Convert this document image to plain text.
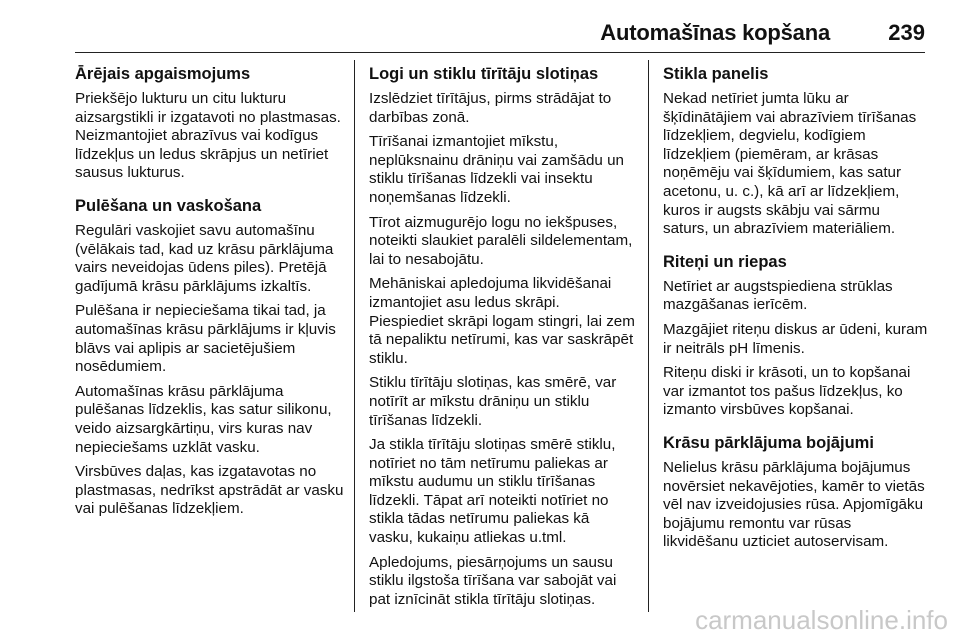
Automašīnas kopšana	239
Ārējais apgaismojums

Priekšējo lukturu un citu lukturu aizsargstikli ir izgatavoti no plastmasas. Neizmantojiet abrazīvus vai kodīgus līdzekļus un ledus skrāpjus un netīriet sausus lukturus.

Pulēšana un vaskošana

Regulāri vaskojiet savu automašīnu (vēlākais tad, kad uz krāsu pārklājuma vairs neveidojas ūdens piles). Pretējā gadījumā krāsu pārklājums izkaltīs.

Pulēšana ir nepieciešama tikai tad, ja automašīnas krāsu pārklājums ir kļuvis blāvs vai aplipis ar sacietējušiem nosēdumiem.

Automašīnas krāsu pārklājuma pulēšanas līdzeklis, kas satur silikonu, veido aizsargkārtiņu, virs kuras nav nepieciešams uzklāt vasku.

Virsbūves daļas, kas izgatavotas no plastmasas, nedrīkst apstrādāt ar vasku vai pulēšanas līdzekļiem.

Logi un stiklu tīrītāju slotiņas

Izslēdziet tīrītājus, pirms strādājat to darbības zonā.

Tīrīšanai izmantojiet mīkstu, neplūksnainu drāniņu vai zamšādu un stiklu tīrīšanas līdzekli vai insektu noņemšanas līdzekli.

Tīrot aizmugurējo logu no iekšpuses, noteikti slaukiet paralēli sildelementam, lai to nesabojātu.

Mehāniskai apledojuma likvidēšanai izmantojiet asu ledus skrāpi. Piespiediet skrāpi logam stingri, lai zem tā nepaliktu netīrumi, kas var saskrāpēt stiklu.

Stiklu tīrītāju slotiņas, kas smērē, var notīrīt ar mīkstu drāniņu un stiklu tīrīšanas līdzekli.

Ja stikla tīrītāju slotiņas smērē stiklu, notīriet no tām netīrumu paliekas ar mīkstu audumu un stiklu tīrīšanas līdzekli. Tāpat arī noteikti notīriet no stikla tādas netīrumu paliekas kā vasku, kukaiņu atliekas u.tml.

Apledojums, piesārņojums un sausu stiklu ilgstoša tīrīšana var sabojāt vai pat iznīcināt stikla tīrītāju slotiņas.

Stikla panelis

Nekad netīriet jumta lūku ar šķīdinātājiem vai abrazīviem tīrīšanas līdzekļiem, degvielu, kodīgiem līdzekļiem (piemēram, ar krāsas noņēmēju vai šķīdumiem, kas satur acetonu, u. c.), kā arī ar līdzekļiem, kuros ir augsts skābju vai sārmu saturs, un abrazīviem materiāliem.

Riteņi un riepas

Netīriet ar augstspiediena strūklas mazgāšanas ierīcēm.

Mazgājiet riteņu diskus ar ūdeni, kuram ir neitrāls pH līmenis.

Riteņu diski ir krāsoti, un to kopšanai var izmantot tos pašus līdzekļus, ko izmanto virsbūves kopšanai.

Krāsu pārklājuma bojājumi

Nelielus krāsu pārklājuma bojājumus novērsiet nekavējoties, kamēr to vietās vēl nav izveidojusies rūsa. Apjomīgāku bojājumu remontu var rūsas likvidēšanu uzticiet autoservisam.

carmanualsonline.info
